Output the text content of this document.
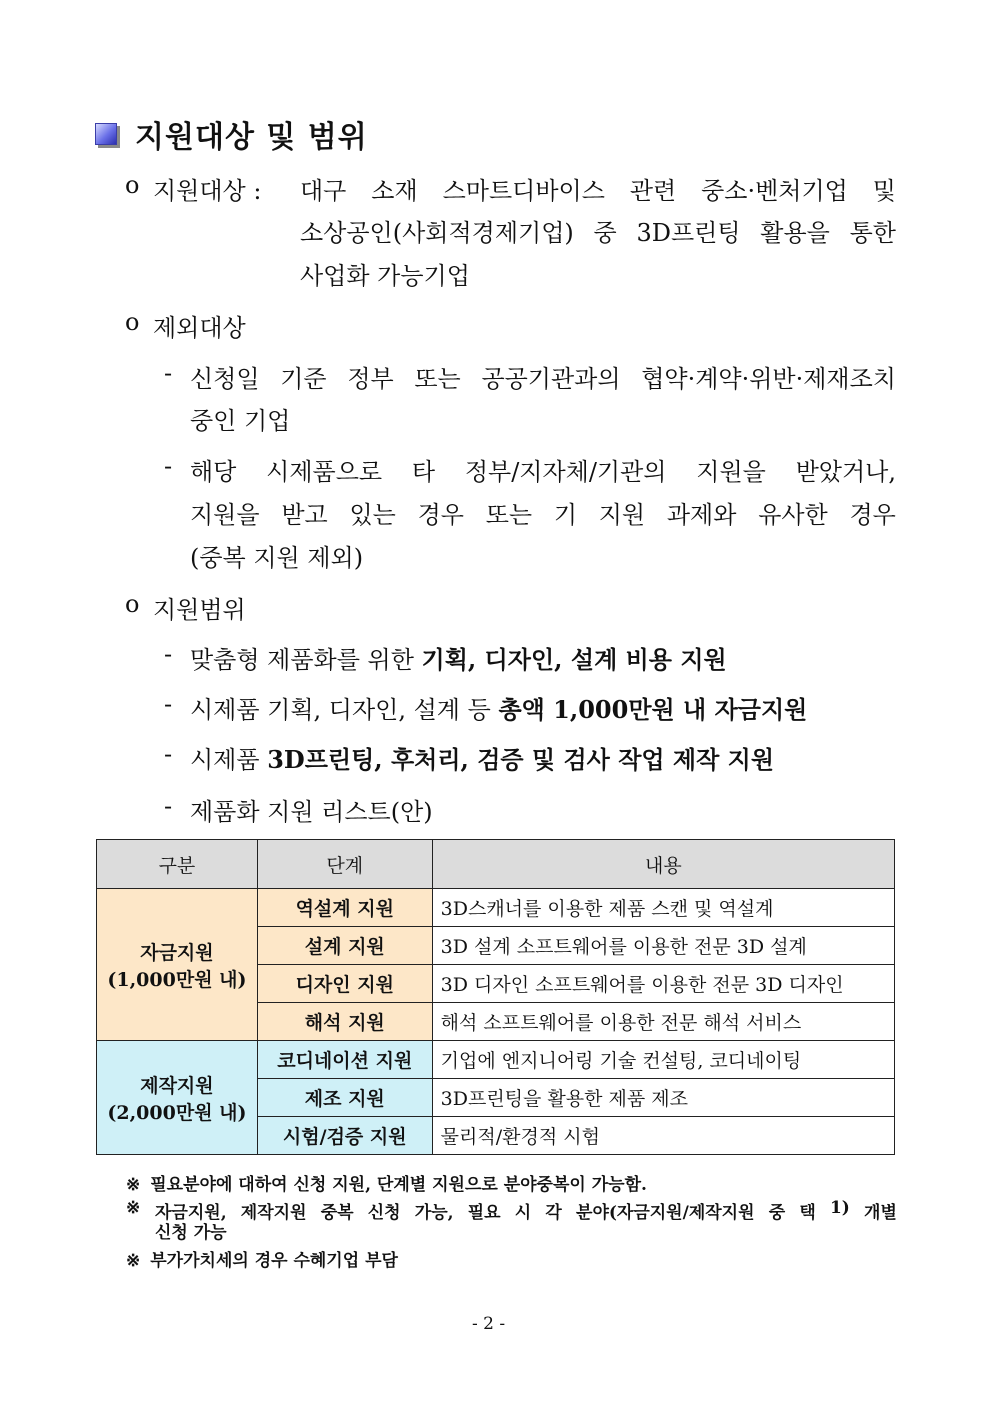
지원대상 및 범위
o 지원대상 : 대구 소재 스마트디바이스 관련 중소·벤처기업 및
소상공인(사회적경제기업) 중 3D프린팅 활용을 통한
사업화 가능기업
o 제외대상
- 신청일 기준 정부 또는 공공기관과의 협약·계약·위반·제재조치
중인 기업
- 해당 시제품으로 타 정부/지자체/기관의 지원을 받았거나,
지원을 받고 있는 경우 또는 기 지원 과제와 유사한 경우
(중복 지원 제외)
o 지원범위
- 맞춤형 제품화를 위한 기획, 디자인, 설계 비용 지원
- 시제품 기획, 디자인, 설계 등 총액 1,000만원 내 자금지원
- 시제품 3D프린팅, 후처리, 검증 및 검사 작업 제작 지원
- 제품화 지원 리스트(안)
구분	단계	내용

자금지원
(1,000만원 내)	역설계 지원	3D스캐너를 이용한 제품 스캔 및 역설계
	설계 지원	3D 설계 소프트웨어를 이용한 전문 3D 설계
	디자인 지원	3D 디자인 소프트웨어를 이용한 전문 3D 디자인
	해석 지원	해석 소프트웨어를 이용한 전문 해석 서비스

제작지원
(2,000만원 내)	코디네이션 지원	기업에 엔지니어링 기술 컨설팅, 코디네이팅
	제조 지원	3D프린팅을 활용한 제품 제조
	시험/검증 지원	물리적/환경적 시험
※ 필요분야에 대하여 신청 지원, 단계별 지원으로 분야중복이 가능함.
※ 자금지원, 제작지원 중복 신청 가능, 필요 시 각 분야(자금지원/제작지원 중 택 1) 개별
신청 가능
※ 부가가치세의 경우 수혜기업 부담
- 2 -
